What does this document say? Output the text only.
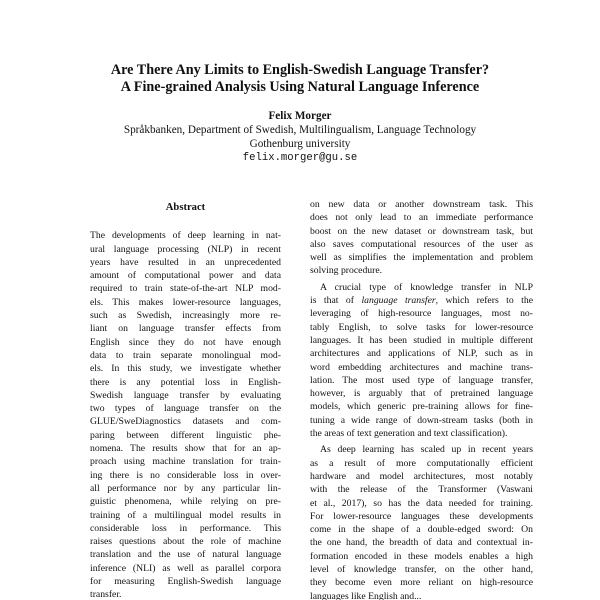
Are There Any Limits to English-Swedish Language Transfer?
A Fine-grained Analysis Using Natural Language Inference
Felix Morger
Språkbanken, Department of Swedish, Multilingualism, Language Technology
Gothenburg university
felix.morger@gu.se
Abstract
The developments of deep learning in nat-
ural language processing (NLP) in recent
years have resulted in an unprecedented
amount of computational power and data
required to train state-of-the-art NLP mod-
els. This makes lower-resource languages,
such as Swedish, increasingly more re-
liant on language transfer effects from
English since they do not have enough
data to train separate monolingual mod-
els. In this study, we investigate whether
there is any potential loss in English-
Swedish language transfer by evaluating
two types of language transfer on the
GLUE/SweDiagnostics datasets and com-
paring between different linguistic phe-
nomena. The results show that for an ap-
proach using machine translation for train-
ing there is no considerable loss in over-
all performance nor by any particular lin-
guistic phenomena, while relying on pre-
training of a multilingual model results in
considerable loss in performance. This
raises questions about the role of machine
translation and the use of natural language
inference (NLI) as well as parallel corpora
for measuring English-Swedish language
transfer.
on new data or another downstream task. This
does not only lead to an immediate performance
boost on the new dataset or downstream task, but
also saves computational resources of the user as
well as simplifies the implementation and problem
solving procedure.
A crucial type of knowledge transfer in NLP
is that of language transfer, which refers to the
leveraging of high-resource languages, most no-
tably English, to solve tasks for lower-resource
languages. It has been studied in multiple different
architectures and applications of NLP, such as in
word embedding architectures and machine trans-
lation. The most used type of language transfer,
however, is arguably that of pretrained language
models, which generic pre-training allows for fine-
tuning a wide range of down-stream tasks (both in
the areas of text generation and text classification).
As deep learning has scaled up in recent years
as a result of more computationally efficient
hardware and model architectures, most notably
with the release of the Transformer (Vaswani
et al., 2017), so has the data needed for training.
For lower-resource languages these developments
come in the shape of a double-edged sword: On
the one hand, the breadth of data and contextual in-
formation encoded in these models enables a high
level of knowledge transfer, on the other hand,
they become even more reliant on high-resource
languages like English and...
